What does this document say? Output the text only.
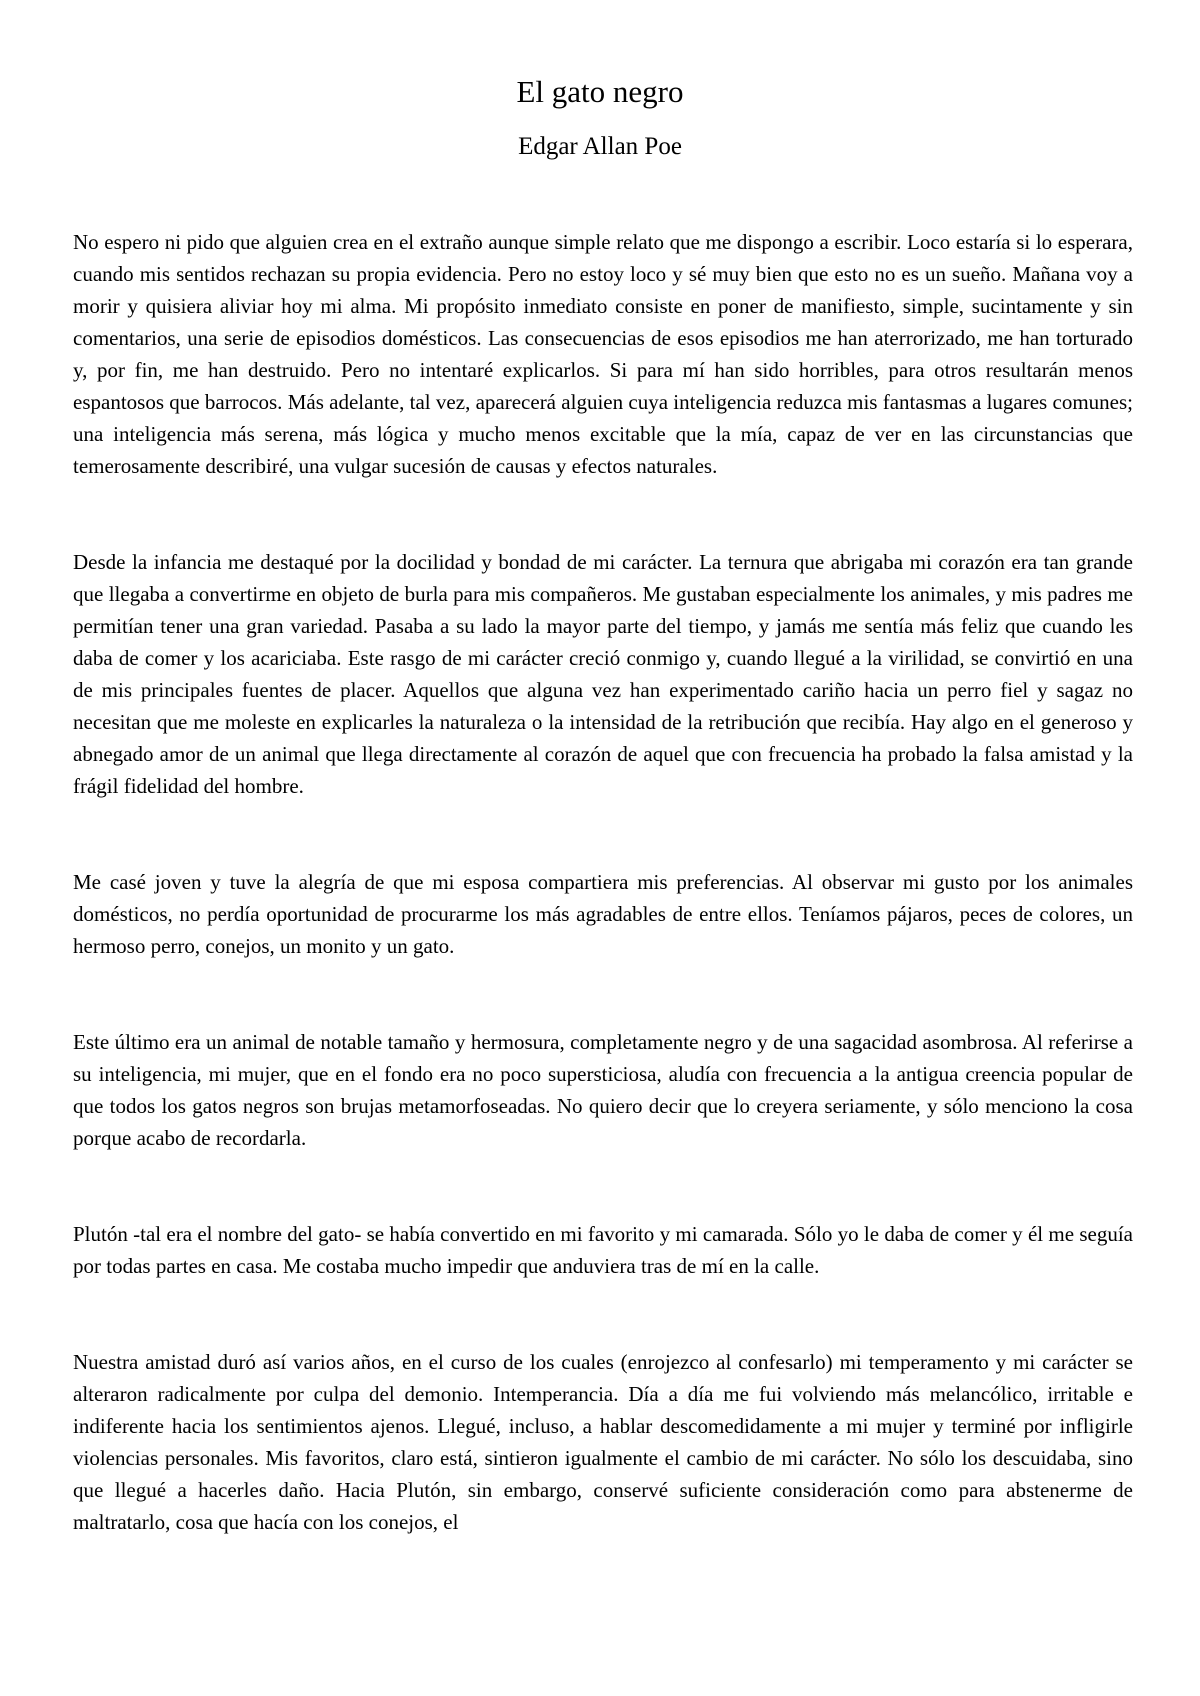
El gato negro
Edgar Allan Poe

No espero ni pido que alguien crea en el extraño aunque simple relato que me dispongo a escribir. Loco estaría si lo esperara, cuando mis sentidos rechazan su propia evidencia. Pero no estoy loco y sé muy bien que esto no es un sueño. Mañana voy a morir y quisiera aliviar hoy mi alma. Mi propósito inmediato consiste en poner de manifiesto, simple, sucintamente y sin comentarios, una serie de episodios domésticos. Las consecuencias de esos episodios me han aterrorizado, me han torturado y, por fin, me han destruido. Pero no intentaré explicarlos. Si para mí han sido horribles, para otros resultarán menos espantosos que barrocos. Más adelante, tal vez, aparecerá alguien cuya inteligencia reduzca mis fantasmas a lugares comunes; una inteligencia más serena, más lógica y mucho menos excitable que la mía, capaz de ver en las circunstancias que temerosamente describiré, una vulgar sucesión de causas y efectos naturales.

Desde la infancia me destaqué por la docilidad y bondad de mi carácter. La ternura que abrigaba mi corazón era tan grande que llegaba a convertirme en objeto de burla para mis compañeros. Me gustaban especialmente los animales, y mis padres me permitían tener una gran variedad. Pasaba a su lado la mayor parte del tiempo, y jamás me sentía más feliz que cuando les daba de comer y los acariciaba. Este rasgo de mi carácter creció conmigo y, cuando llegué a la virilidad, se convirtió en una de mis principales fuentes de placer. Aquellos que alguna vez han experimentado cariño hacia un perro fiel y sagaz no necesitan que me moleste en explicarles la naturaleza o la intensidad de la retribución que recibía. Hay algo en el generoso y abnegado amor de un animal que llega directamente al corazón de aquel que con frecuencia ha probado la falsa amistad y la frágil fidelidad del hombre.

Me casé joven y tuve la alegría de que mi esposa compartiera mis preferencias. Al observar mi gusto por los animales domésticos, no perdía oportunidad de procurarme los más agradables de entre ellos. Teníamos pájaros, peces de colores, un hermoso perro, conejos, un monito y un gato.

Este último era un animal de notable tamaño y hermosura, completamente negro y de una sagacidad asombrosa. Al referirse a su inteligencia, mi mujer, que en el fondo era no poco supersticiosa, aludía con frecuencia a la antigua creencia popular de que todos los gatos negros son brujas metamorfoseadas. No quiero decir que lo creyera seriamente, y sólo menciono la cosa porque acabo de recordarla.

Plutón -tal era el nombre del gato- se había convertido en mi favorito y mi camarada. Sólo yo le daba de comer y él me seguía por todas partes en casa. Me costaba mucho impedir que anduviera tras de mí en la calle.

Nuestra amistad duró así varios años, en el curso de los cuales (enrojezco al confesarlo) mi temperamento y mi carácter se alteraron radicalmente por culpa del demonio. Intemperancia. Día a día me fui volviendo más melancólico, irritable e indiferente hacia los sentimientos ajenos. Llegué, incluso, a hablar descomedidamente a mi mujer y terminé por infligirle violencias personales. Mis favoritos, claro está, sintieron igualmente el cambio de mi carácter. No sólo los descuidaba, sino que llegué a hacerles daño. Hacia Plutón, sin embargo, conservé suficiente consideración como para abstenerme de maltratarlo, cosa que hacía con los conejos, el
